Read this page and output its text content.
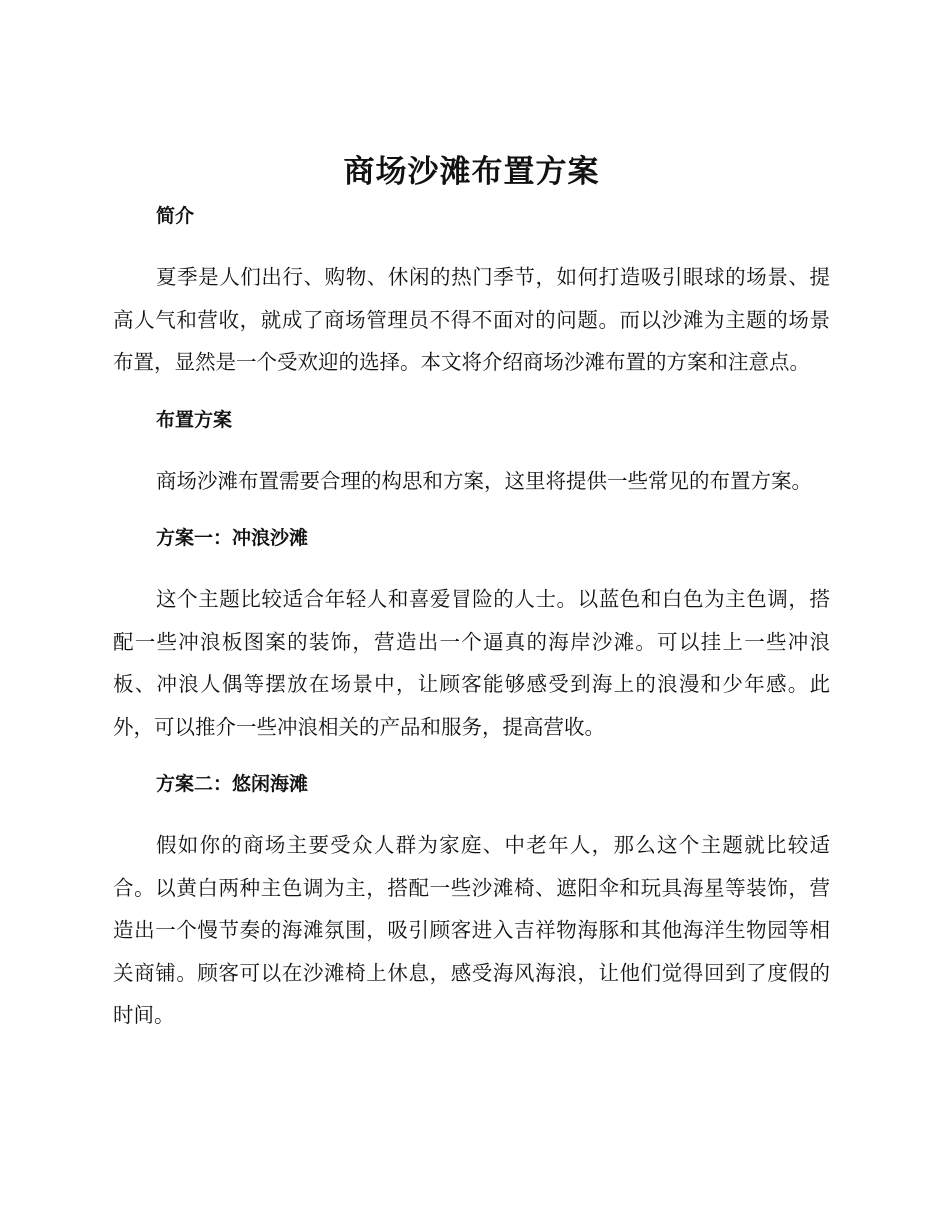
商场沙滩布置方案
简介

夏季是人们出行、购物、休闲的热门季节，如何打造吸引眼球的场景、提高人气和营收，就成了商场管理员不得不面对的问题。而以沙滩为主题的场景布置，显然是一个受欢迎的选择。本文将介绍商场沙滩布置的方案和注意点。

布置方案

商场沙滩布置需要合理的构思和方案，这里将提供一些常见的布置方案。

方案一：冲浪沙滩

这个主题比较适合年轻人和喜爱冒险的人士。以蓝色和白色为主色调，搭配一些冲浪板图案的装饰，营造出一个逼真的海岸沙滩。可以挂上一些冲浪板、冲浪人偶等摆放在场景中，让顾客能够感受到海上的浪漫和少年感。此外，可以推介一些冲浪相关的产品和服务，提高营收。

方案二：悠闲海滩

假如你的商场主要受众人群为家庭、中老年人，那么这个主题就比较适合。以黄白两种主色调为主，搭配一些沙滩椅、遮阳伞和玩具海星等装饰，营造出一个慢节奏的海滩氛围，吸引顾客进入吉祥物海豚和其他海洋生物园等相关商铺。顾客可以在沙滩椅上休息，感受海风海浪，让他们觉得回到了度假的时间。
